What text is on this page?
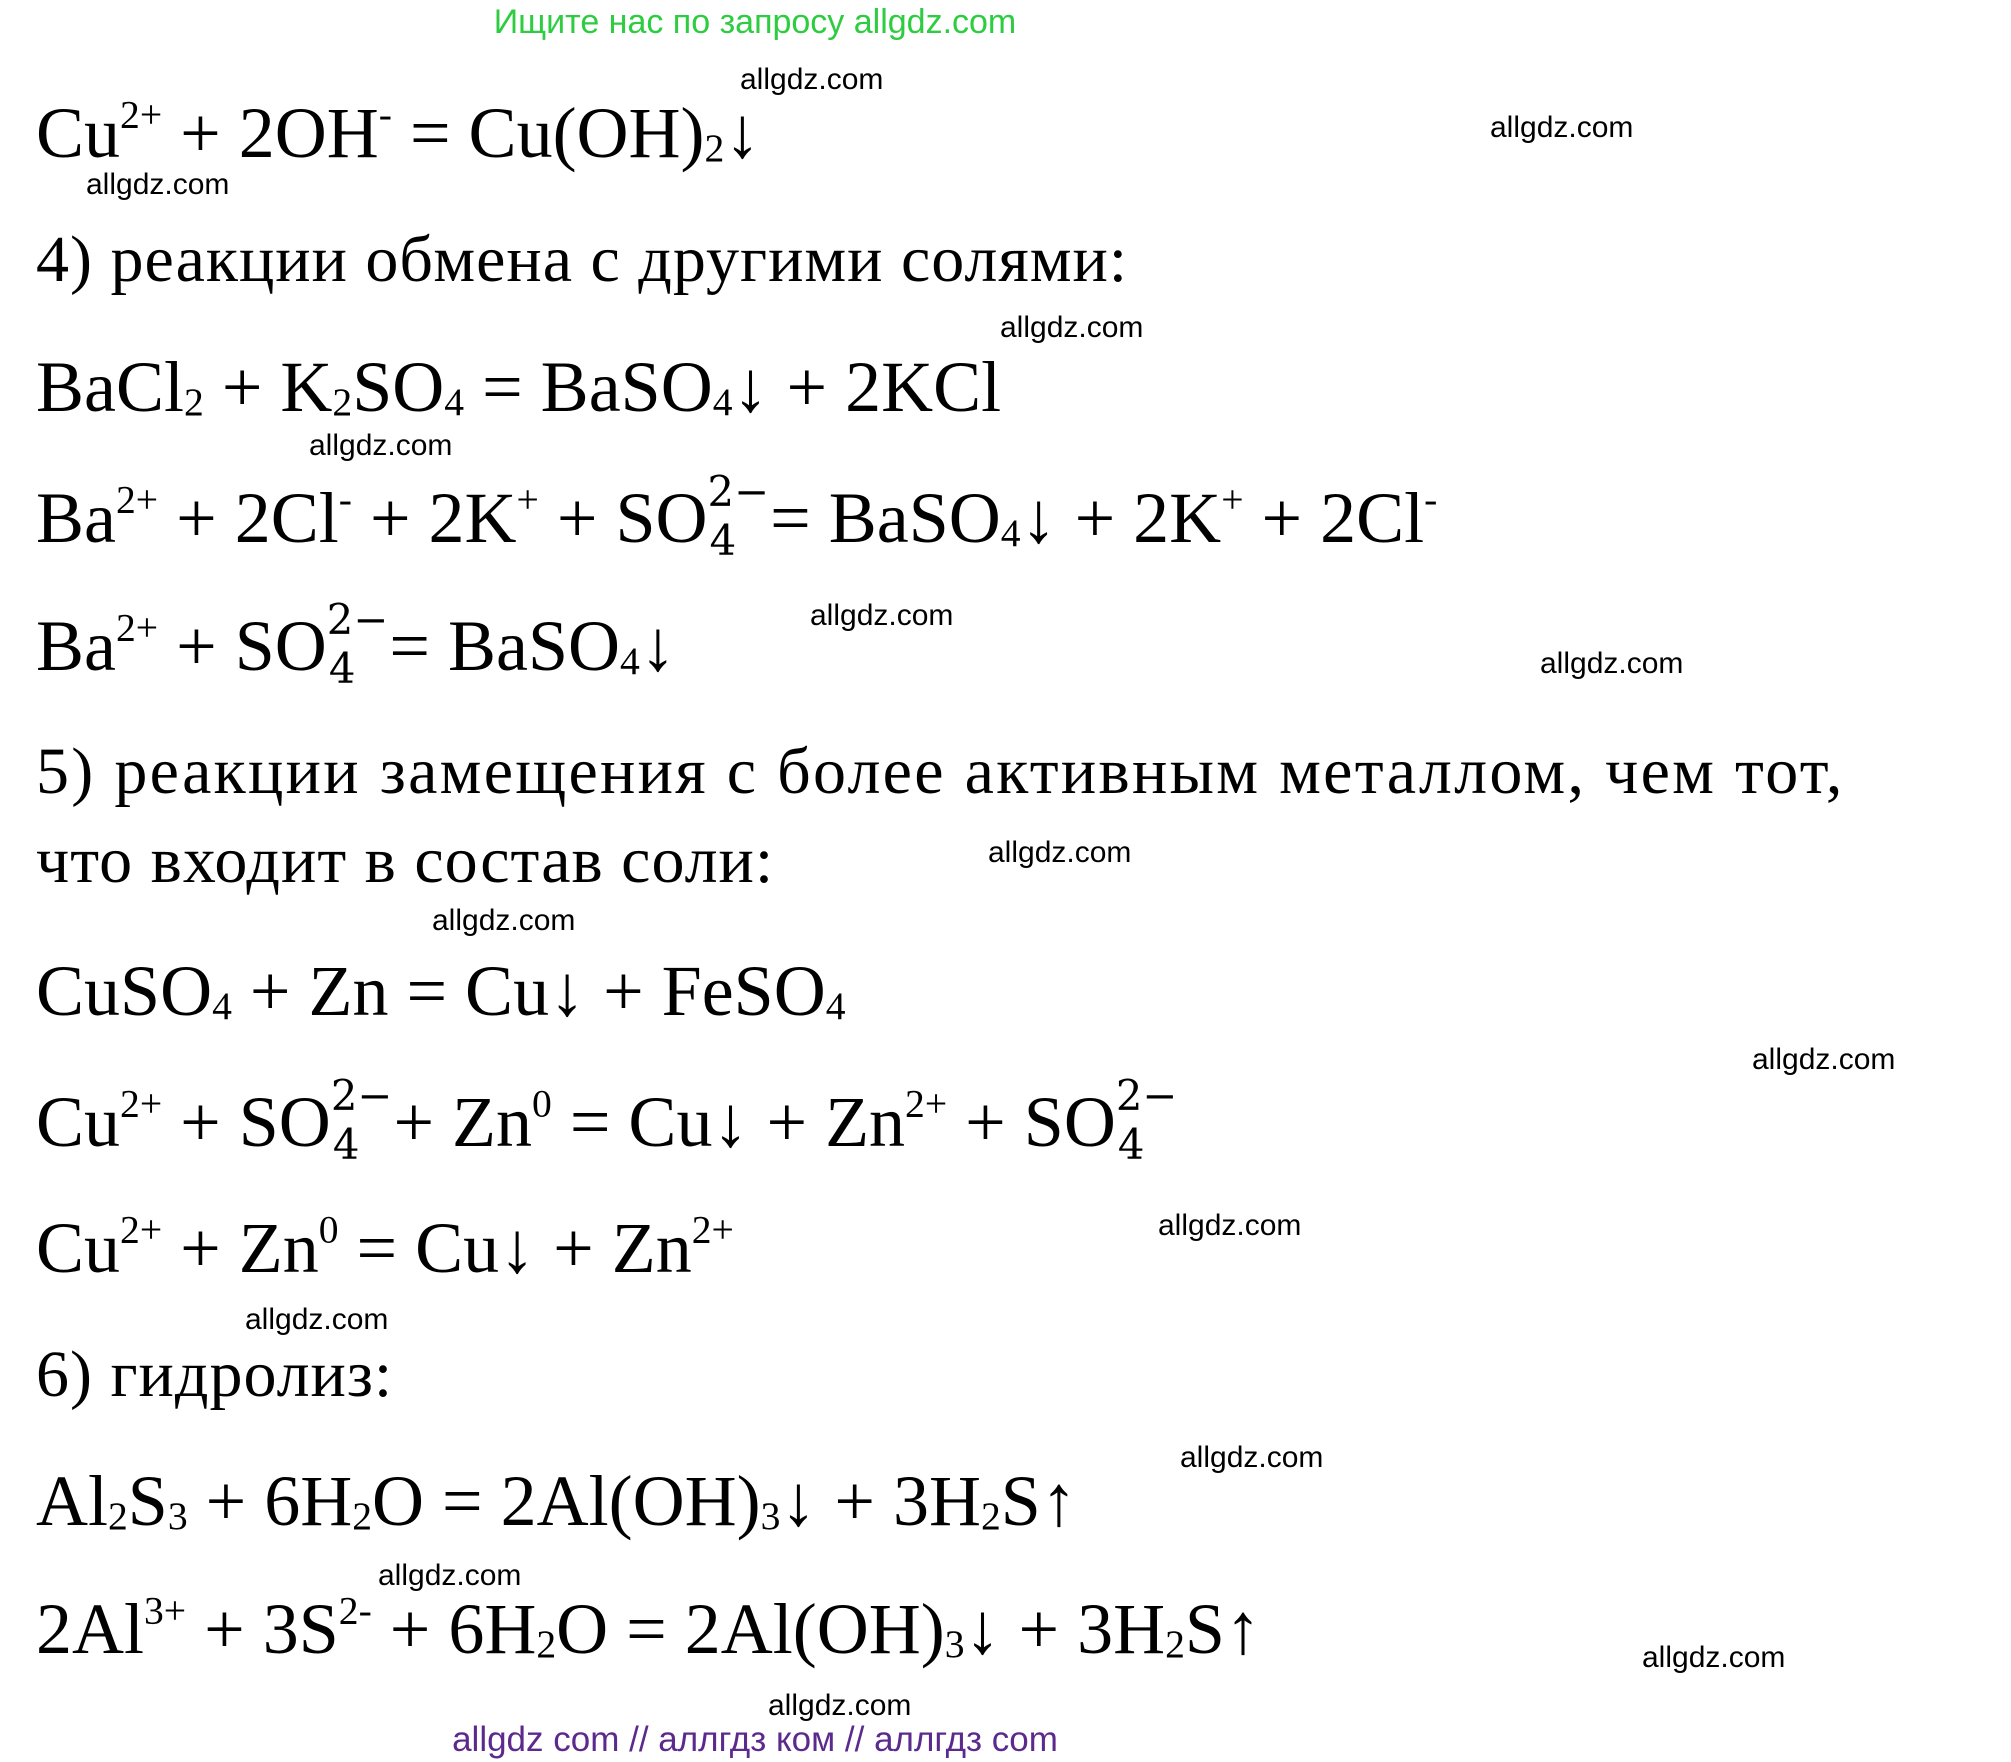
Ищите нас по запросу allgdz.com
$Cu^{2+} + 2OH^-$ = $Cu(OH)_2↓$
4) реакции обмена с другими солями:
BaCl$_2$ + $K_2SO_4$ = BaSO$_4$↓ + 2KCl
$Ba^{2+} + 2Cl^- + 2K^+$ + SO 2−
4 = BaSO$_4$↓ + 2K+ + 2Cl-
$Ba^{2+}$ + SO 2−
4 = BaSO$_4$↓
5) реакции замещения с более активным металлом, чем тот,
что входит в состав соли:
CuSO$_4$ + Zn = Cu↓ + FeSO$_4$
$Cu^{2+}$ + SO 2−
$4 + Zn^0$ = Cu↓ + $Zn^{2+}$ + SO 2−
4
$Cu^{2+} + Zn^0$ = Cu↓ + $Zn^{2+}$
6) гидролиз:
$Al_2S_3 + 6H_2O$ = $2Al(OH)_3↓$ + $3H_2S↑$
$2Al^{3+} + 3S^{2-} + 6H_2O$ = $2Al(OH)_3↓$ + $3H_2S↑$
allgdz.com
allgdz.com
allgdz.com
allgdz.com
allgdz.com
allgdz.com
allgdz.com
allgdz.com
allgdz.com
allgdz.com
allgdz.com
allgdz.com
allgdz.com
allgdz.com
allgdz.com
allgdz.com
allgdz com // аллгдз ком // аллгдз com
